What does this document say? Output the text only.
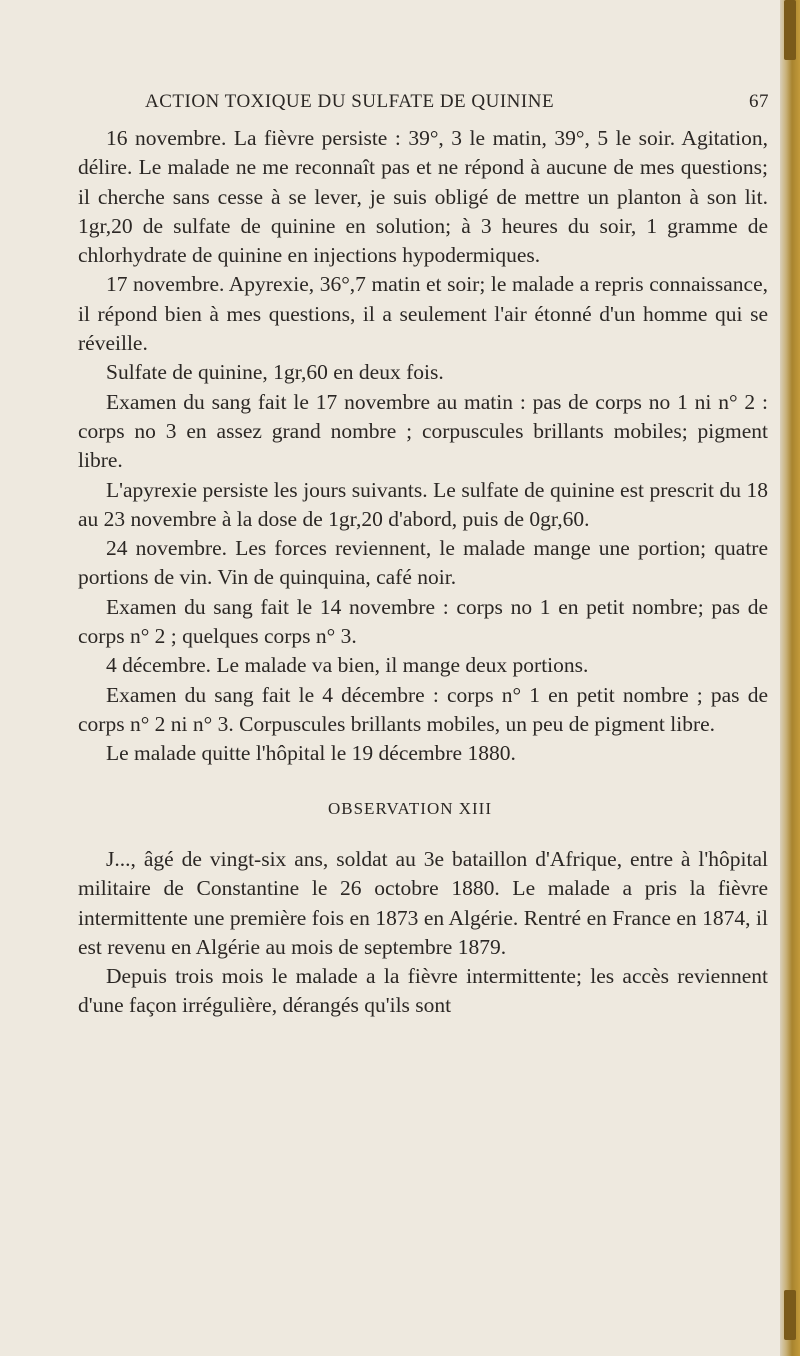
ACTION TOXIQUE DU SULFATE DE QUININE	67

16 novembre. La fièvre persiste : 39°, 3 le matin, 39°, 5 le soir. Agitation, délire. Le malade ne me reconnaît pas et ne répond à aucune de mes questions; il cherche sans cesse à se lever, je suis obligé de mettre un planton à son lit. 1gr,20 de sulfate de quinine en solution; à 3 heures du soir, 1 gramme de chlorhydrate de quinine en injections hypodermiques.

17 novembre. Apyrexie, 36°,7 matin et soir; le malade a repris connaissance, il répond bien à mes questions, il a seulement l'air étonné d'un homme qui se réveille.

Sulfate de quinine, 1gr,60 en deux fois.

Examen du sang fait le 17 novembre au matin : pas de corps no 1 ni n° 2 : corps no 3 en assez grand nombre ; corpuscules brillants mobiles; pigment libre.

L'apyrexie persiste les jours suivants. Le sulfate de quinine est prescrit du 18 au 23 novembre à la dose de 1gr,20 d'abord, puis de 0gr,60.

24 novembre. Les forces reviennent, le malade mange une portion; quatre portions de vin. Vin de quinquina, café noir.

Examen du sang fait le 14 novembre : corps no 1 en petit nombre; pas de corps n° 2 ; quelques corps n° 3.

4 décembre. Le malade va bien, il mange deux portions.

Examen du sang fait le 4 décembre : corps n° 1 en petit nombre ; pas de corps n° 2 ni n° 3. Corpuscules brillants mobiles, un peu de pigment libre.

Le malade quitte l'hôpital le 19 décembre 1880.

OBSERVATION XIII

J..., âgé de vingt-six ans, soldat au 3e bataillon d'Afrique, entre à l'hôpital militaire de Constantine le 26 octobre 1880. Le malade a pris la fièvre intermittente une première fois en 1873 en Algérie. Rentré en France en 1874, il est revenu en Algérie au mois de septembre 1879.

Depuis trois mois le malade a la fièvre intermittente; les accès reviennent d'une façon irrégulière, dérangés qu'ils sont
